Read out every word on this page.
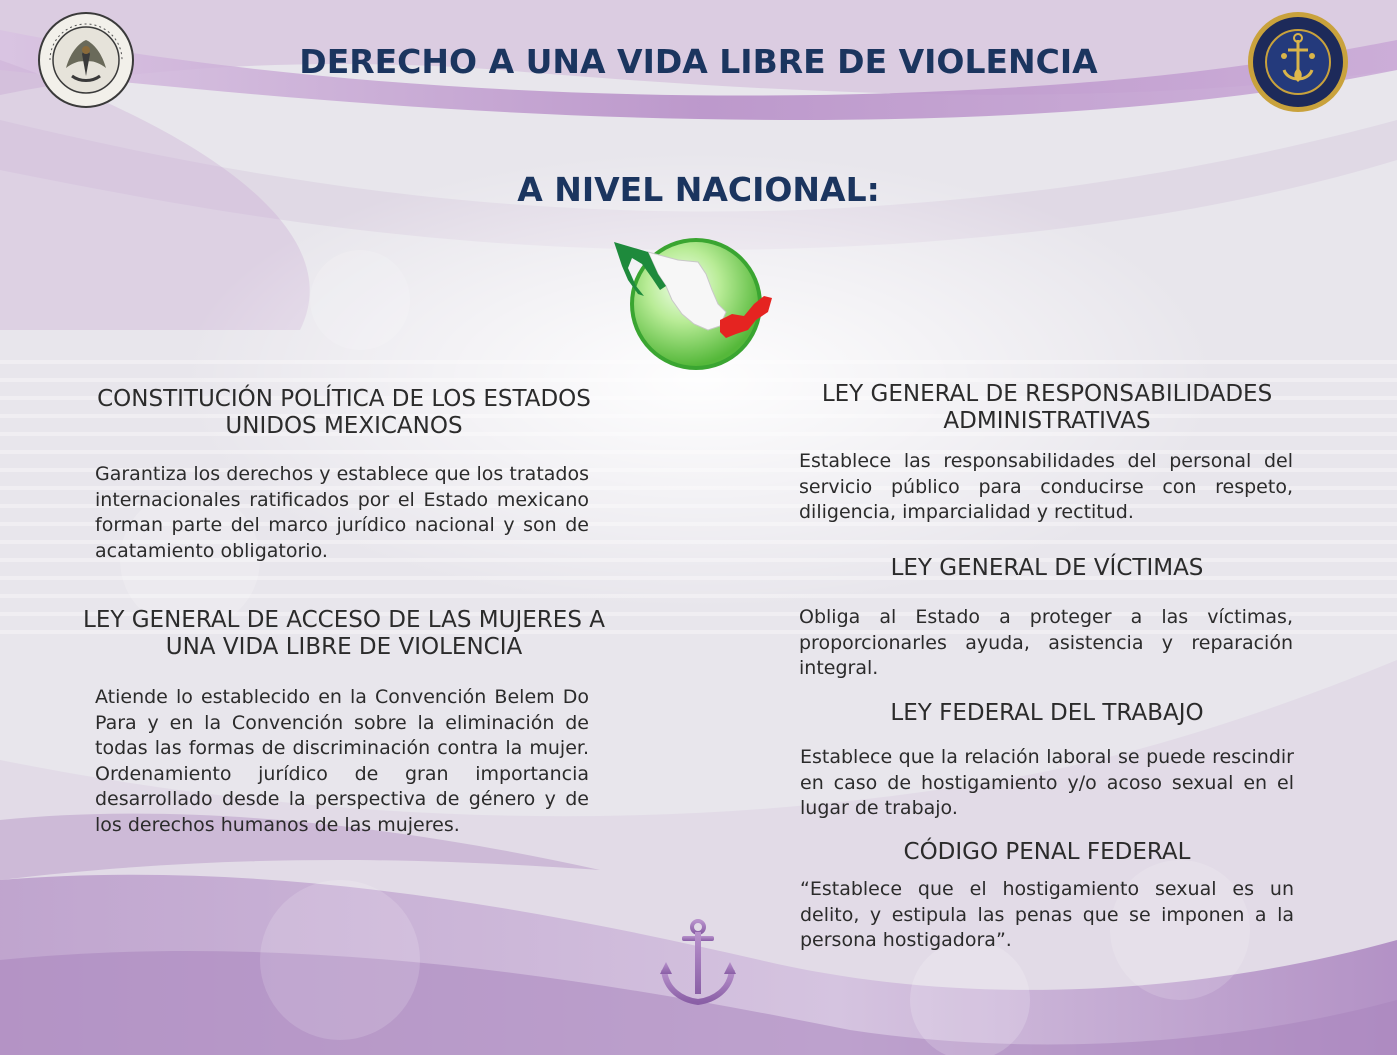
DERECHO A UNA VIDA LIBRE DE VIOLENCIA
A NIVEL NACIONAL:
CONSTITUCIÓN POLÍTICA DE LOS ESTADOS UNIDOS MEXICANOS

Garantiza los derechos y establece que los tratados internacionales ratificados por el Estado mexicano forman parte del marco jurídico nacional y son de acatamiento obligatorio.

LEY GENERAL DE ACCESO DE LAS MUJERES A UNA VIDA LIBRE DE VIOLENCIA

Atiende lo establecido en la Convención Belem Do Para y en la Convención sobre la eliminación de todas las formas de discriminación contra la mujer. Ordenamiento jurídico de gran importancia desarrollado desde la perspectiva de género y de los derechos humanos de las mujeres.

LEY GENERAL DE RESPONSABILIDADES ADMINISTRATIVAS

Establece las responsabilidades del personal del servicio público para conducirse con respeto, diligencia, imparcialidad y rectitud.

LEY GENERAL DE VÍCTIMAS

Obliga al Estado a proteger a las víctimas, proporcionarles ayuda, asistencia y reparación integral.

LEY FEDERAL DEL TRABAJO

Establece que la relación laboral se puede rescindir en caso de hostigamiento y/o acoso sexual en el lugar de trabajo.

CÓDIGO PENAL FEDERAL

“Establece que el hostigamiento sexual es un delito, y estipula las penas que se imponen a la persona hostigadora”.
